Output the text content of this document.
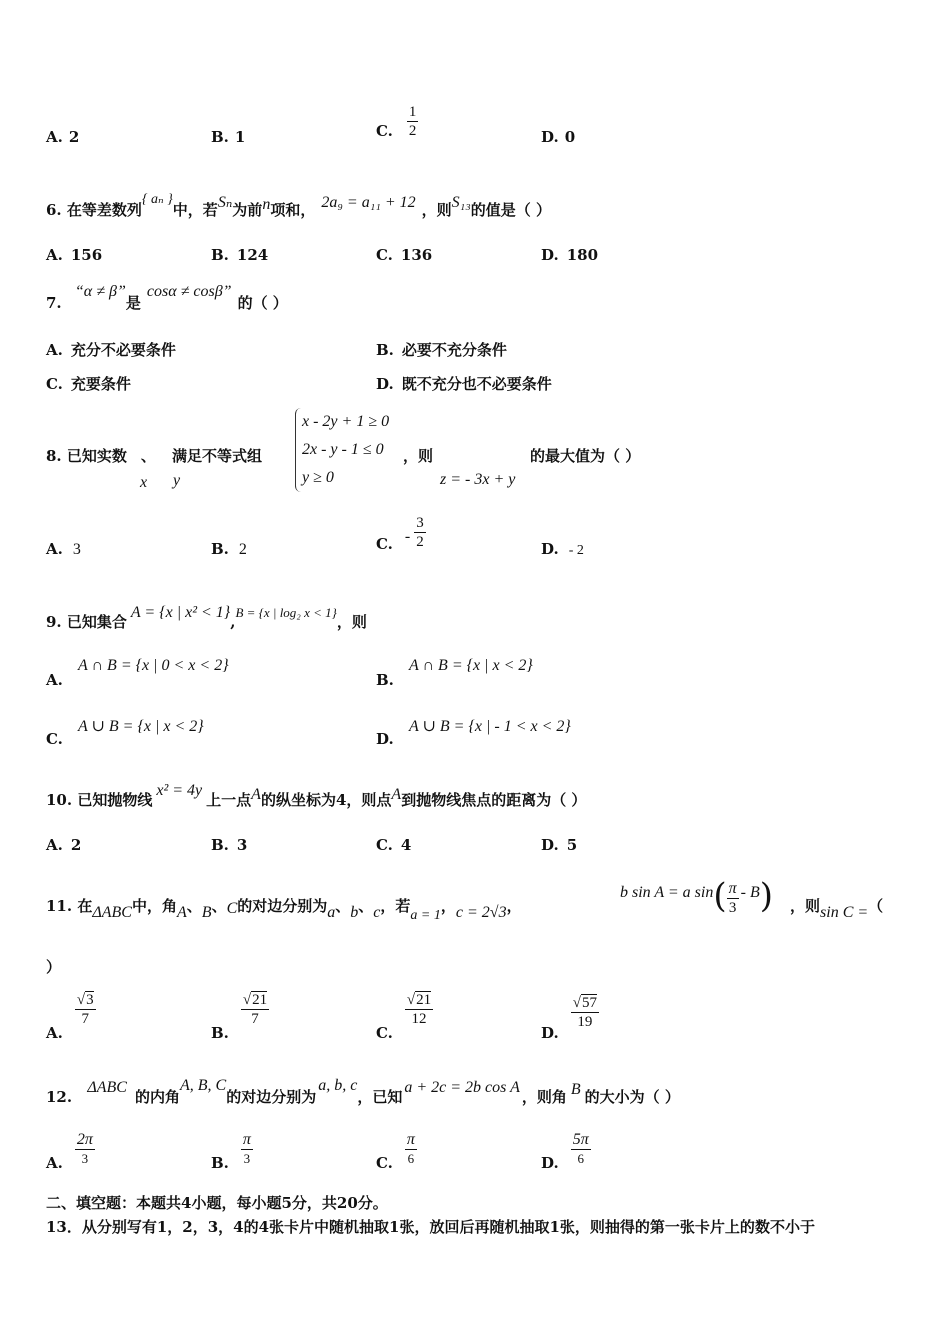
A. 2	B. 1	C. $\frac{1}{2}$	D. 0
6. 在等差数列{ aₙ }中，若Sₙ为前n项和， 2a₉ = a₁₁ + 12 ，则S₁₃的值是（ ）
A. 156	B. 124	C. 136	D. 180
7. “α ≠ β”是cosα ≠ cosβ”的（ ）
A. 充分不必要条件	B. 必要不充分条件
C. 充要条件	D. 既不充分也不必要条件
8. 已知实数 、 满足不等式组
x y
x - 2y + 1 ≥ 0
2x - y - 1 ≤ 0
y ≥ 0
，则	的最大值为（ ）
z = - 3x + y
A. 3	B. 2	C. - $\frac{3}{2}$	D. - 2
9. 已知集合A = {x | x² < 1},B = {x | log₂ x < 1}，则
A.
A ∩ B = {x | 0 < x < 2}
B.
A ∩ B = {x | x < 2}
C.
A ∪ B = {x | x < 2}
D.
A ∪ B = {x | - 1 < x < 2}
10. 已知抛物线x² = 4y上一点A的纵坐标为4，则点A到抛物线焦点的距离为（ ）
A. 2	B. 3	C. 4	D. 5
11. 在ΔABC中，角A、B、C的对边分别为a、b、c，若a = 1，c = 2√3，
b sin A = a $\sin( \frac{\pi}{3} - B)$ ，则sin C =（
）
A.
$\frac{√3}{7}$
B.
$\frac{√21}{7}$
C.
$\frac{√21}{12}$
D.
$\frac{√57}{19}$
12. ΔABC的内角A, B, C的对边分别为a, b, c，已知a + 2c = 2b cos A，则角 B 的大小为（ ）
A. $\frac{2\pi}{3}$	B. $\frac{\pi}{3}$	C. $\frac{\pi}{6}$	D. $\frac{5\pi}{6}$
二、填空题：本题共4小题，每小题5分，共20分。
13．从分别写有1，2，3，4的4张卡片中随机抽取1张，放回后再随机抽取1张，则抽得的第一张卡片上的数不小于
